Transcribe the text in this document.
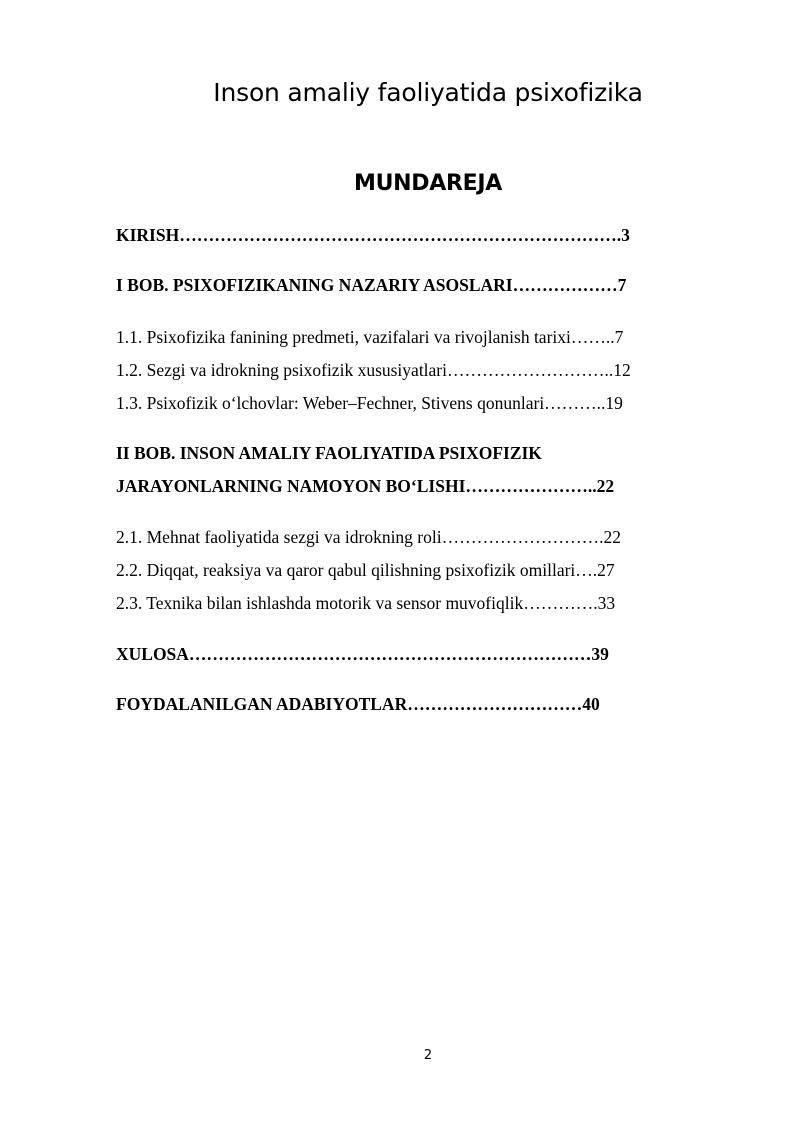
Inson amaliy faoliyatida psixofizika
MUNDAREJA
KIRISH………………………………………………………………….3
I BOB. PSIXOFIZIKANING NAZARIY ASOSLARI………………7
1.1. Psixofizika fanining predmeti, vazifalari va rivojlanish tarixi……..7
1.2. Sezgi va idrokning psixofizik xususiyatlari………………………..12
1.3. Psixofizik o‘lchovlar: Weber–Fechner, Stivens qonunlari………..19
II BOB. INSON AMALIY FAOLIYATIDA PSIXOFIZIK
JARAYONLARNING NAMOYON BO‘LISHI…………………..22
2.1. Mehnat faoliyatida sezgi va idrokning roli……………………….22
2.2. Diqqat, reaksiya va qaror qabul qilishning psixofizik omillari….27
2.3. Texnika bilan ishlashda motorik va sensor muvofiqlik………….33
XULOSA……………………………………………………………39
FOYDALANILGAN ADABIYOTLAR…………………………40
2
